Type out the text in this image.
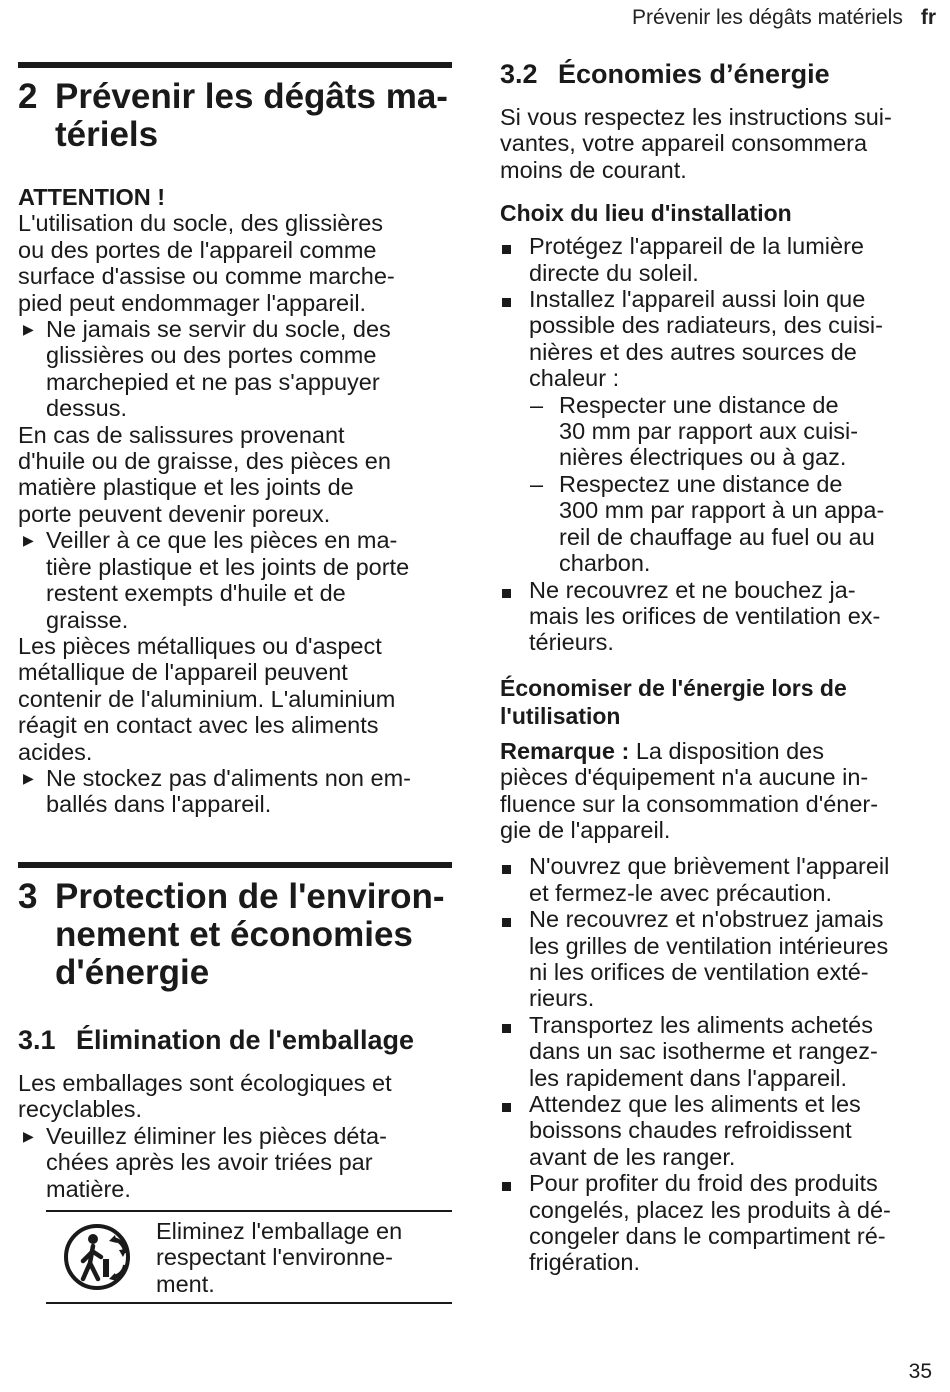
Prévenir les dégâts matériels fr
2 Prévenir les dégâts ma-
tériels

ATTENTION !

L'utilisation du socle, des glissières

ou des portes de l'appareil comme

surface d'assise ou comme marche-

pied peut endommager l'appareil.

▶ Ne jamais se servir du socle, des
glissières ou des portes comme
marchepied et ne pas s'appuyer
dessus.

En cas de salissures provenant

d'huile ou de graisse, des pièces en

matière plastique et les joints de

porte peuvent devenir poreux.

▶ Veiller à ce que les pièces en ma-
tière plastique et les joints de porte
restent exempts d'huile et de
graisse.

Les pièces métalliques ou d'aspect

métallique de l'appareil peuvent

contenir de l'aluminium. L'aluminium

réagit en contact avec les aliments

acides.

▶ Ne stockez pas d'aliments non em-
ballés dans l'appareil.
3 Protection de l'environ-
nement et économies
d'énergie
3.1 Élimination de l'emballage

Les emballages sont écologiques et

recyclables.

▶ Veuillez éliminer les pièces déta-
chées après les avoir triées par
matière.
Eliminez l'emballage en
respectant l'environne-
ment.
3.2 Économies d’énergie

Si vous respectez les instructions sui-

vantes, votre appareil consommera

moins de courant.

Choix du lieu d'installation
Protégez l'appareil de la lumière
directe du soleil.
Installez l'appareil aussi loin que
possible des radiateurs, des cuisi-
nières et des autres sources de
chaleur :
– Respecter une distance de
30 mm par rapport aux cuisi-
nières électriques ou à gaz.
– Respectez une distance de
300 mm par rapport à un appa-
reil de chauffage au fuel ou au
charbon.
Ne recouvrez et ne bouchez ja-
mais les orifices de ventilation ex-
térieurs.
Économiser de l'énergie lors de
l'utilisation

Remarque : La disposition des

pièces d'équipement n'a aucune in-

fluence sur la consommation d'éner-

gie de l'appareil.

N'ouvrez que brièvement l'appareil
et fermez-le avec précaution.
Ne recouvrez et n'obstruez jamais
les grilles de ventilation intérieures
ni les orifices de ventilation exté-
rieurs.
Transportez les aliments achetés
dans un sac isotherme et rangez-
les rapidement dans l'appareil.
Attendez que les aliments et les
boissons chaudes refroidissent
avant de les ranger.
Pour profiter du froid des produits
congelés, placez les produits à dé-
congeler dans le compartiment ré-
frigération.
35
